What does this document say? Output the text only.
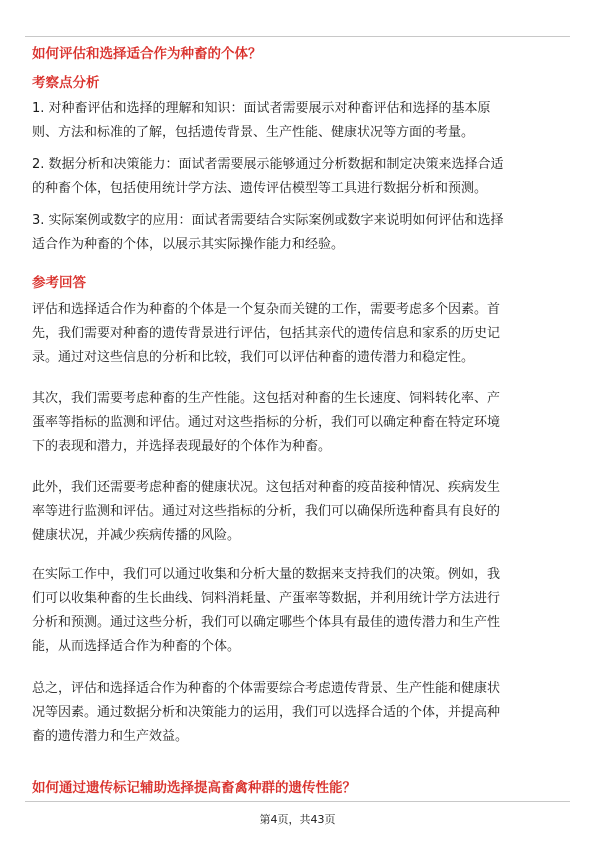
如何评估和选择适合作为种畜的个体？
考察点分析
1. 对种畜评估和选择的理解和知识：面试者需要展示对种畜评估和选择的基本原
则、方法和标准的了解，包括遗传背景、生产性能、健康状况等方面的考量。
2. 数据分析和决策能力：面试者需要展示能够通过分析数据和制定决策来选择合适
的种畜个体，包括使用统计学方法、遗传评估模型等工具进行数据分析和预测。
3. 实际案例或数字的应用：面试者需要结合实际案例或数字来说明如何评估和选择
适合作为种畜的个体，以展示其实际操作能力和经验。
参考回答
评估和选择适合作为种畜的个体是一个复杂而关键的工作，需要考虑多个因素。首
先，我们需要对种畜的遗传背景进行评估，包括其亲代的遗传信息和家系的历史记
录。通过对这些信息的分析和比较，我们可以评估种畜的遗传潜力和稳定性。
其次，我们需要考虑种畜的生产性能。这包括对种畜的生长速度、饲料转化率、产
蛋率等指标的监测和评估。通过对这些指标的分析，我们可以确定种畜在特定环境
下的表现和潜力，并选择表现最好的个体作为种畜。
此外，我们还需要考虑种畜的健康状况。这包括对种畜的疫苗接种情况、疾病发生
率等进行监测和评估。通过对这些指标的分析，我们可以确保所选种畜具有良好的
健康状况，并减少疾病传播的风险。
在实际工作中，我们可以通过收集和分析大量的数据来支持我们的决策。例如，我
们可以收集种畜的生长曲线、饲料消耗量、产蛋率等数据，并利用统计学方法进行
分析和预测。通过这些分析，我们可以确定哪些个体具有最佳的遗传潜力和生产性
能，从而选择适合作为种畜的个体。
总之，评估和选择适合作为种畜的个体需要综合考虑遗传背景、生产性能和健康状
况等因素。通过数据分析和决策能力的运用，我们可以选择合适的个体，并提高种
畜的遗传潜力和生产效益。
如何通过遗传标记辅助选择提高畜禽种群的遗传性能？
第4页，共43页
